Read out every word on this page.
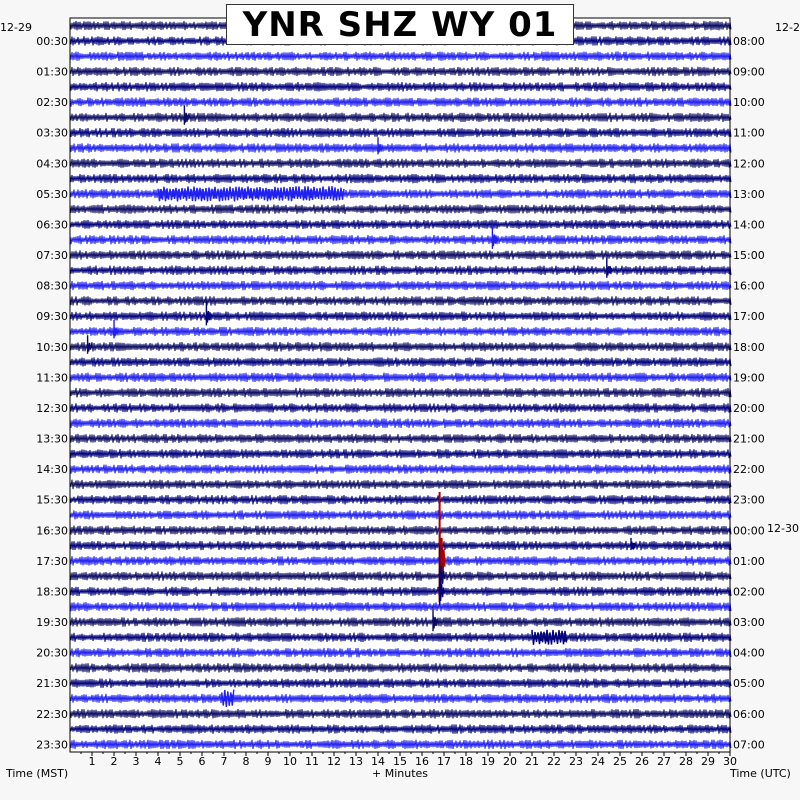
1 2 3 4 5 6 7 8 9 10 11 12 13 14 15 16 17 18 19 20 21 22 23 24 25 26 27 28 29 30
00:30
01:30
02:30
03:30
04:30
05:30
06:30
07:30
08:30
09:30
10:30
11:30
12:30
13:30
14:30
15:30
16:30
17:30
18:30
19:30
20:30
21:30
22:30
23:30
08:00
09:00
10:00
11:00
12:00
13:00
14:00
15:00
16:00
17:00
18:00
19:00
20:00
21:00
22:00
23:00
00:00
01:00
02:00
03:00
04:00
05:00
06:00
07:00
12-29	12-2
12-30
+ Minutes
Time (MST)	Time (UTC)
YNR SHZ WY 01
